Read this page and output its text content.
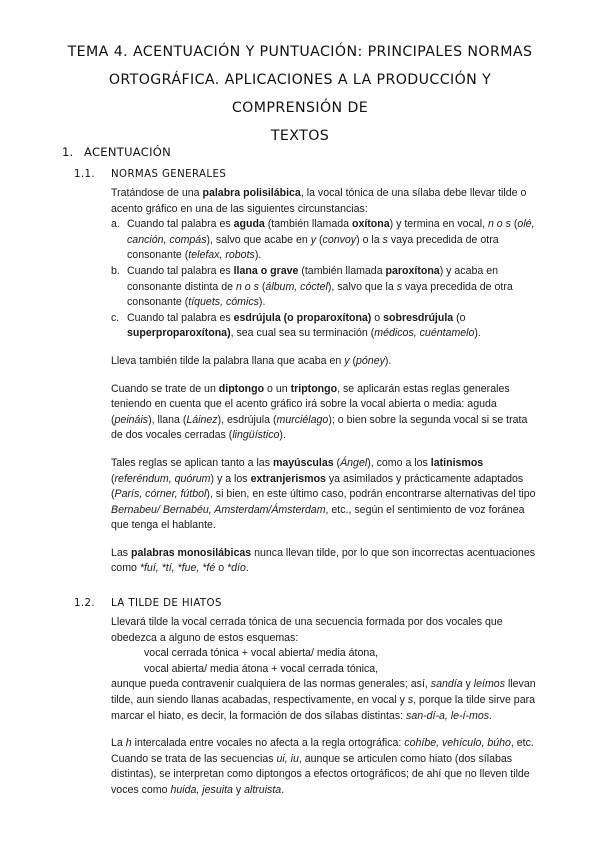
TEMA 4. ACENTUACIÓN Y PUNTUACIÓN: PRINCIPALES NORMAS
ORTOGRÁFICA. APLICACIONES A LA PRODUCCIÓN Y COMPRENSIÓN DE
TEXTOS
1. ACENTUACIÓN
1.1. NORMAS GENERALES

Tratándose de una palabra polisilábica, la vocal tónica de una sílaba debe llevar tilde o acento gráfico en una de las siguientes circunstancias:

a. Cuando tal palabra es aguda (también llamada oxítona) y termina en vocal, n o s (olé, canción, compás), salvo que acabe en y (convoy) o la s vaya precedida de otra consonante (telefax, robots).
b. Cuando tal palabra es llana o grave (también llamada paroxítona) y acaba en consonante distinta de n o s (álbum, cóctel), salvo que la s vaya precedida de otra consonante (tíquets, cómics).
c. Cuando tal palabra es esdrújula (o proparoxítona) o sobresdrújula (o superproparoxítona), sea cual sea su terminación (médicos, cuéntamelo).

Lleva también tilde la palabra llana que acaba en y (póney).

Cuando se trate de un diptongo o un triptongo, se aplicarán estas reglas generales teniendo en cuenta que el acento gráfico irá sobre la vocal abierta o media: aguda (peináis), llana (Láinez), esdrújula (murciélago); o bien sobre la segunda vocal si se trata de dos vocales cerradas (lingüístico).

Tales reglas se aplican tanto a las mayúsculas (Ángel), como a los latinismos (referéndum, quórum) y a los extranjerismos ya asimilados y prácticamente adaptados (París, córner, fútbol), si bien, en este último caso, podrán encontrarse alternativas del tipo Bernabeu/ Bernabéu, Amsterdam/Ámsterdam, etc., según el sentimiento de voz foránea que tenga el hablante.

Las palabras monosilábicas nunca llevan tilde, por lo que son incorrectas acentuaciones como *fuí, *tí, *fue, *fé o *dío.

1.2. LA TILDE DE HIATOS

Llevará tilde la vocal cerrada tónica de una secuencia formada por dos vocales que obedezca a alguno de estos esquemas:

vocal cerrada tónica + vocal abierta/ media átona,

vocal abierta/ media átona + vocal cerrada tónica,

aunque pueda contravenir cualquiera de las normas generales; así, sandía y leímos llevan tilde, aun siendo llanas acabadas, respectivamente, en vocal y s, porque la tilde sirve para marcar el hiato, es decir, la formación de dos sílabas distintas: san-dí-a, le-í-mos.

La h intercalada entre vocales no afecta a la regla ortográfica: cohíbe, vehículo, búho, etc. Cuando se trata de las secuencias ui, iu, aunque se articulen como hiato (dos sílabas distintas), se interpretan como diptongos a efectos ortográficos; de ahí que no lleven tilde voces como huida, jesuita y altruista.
